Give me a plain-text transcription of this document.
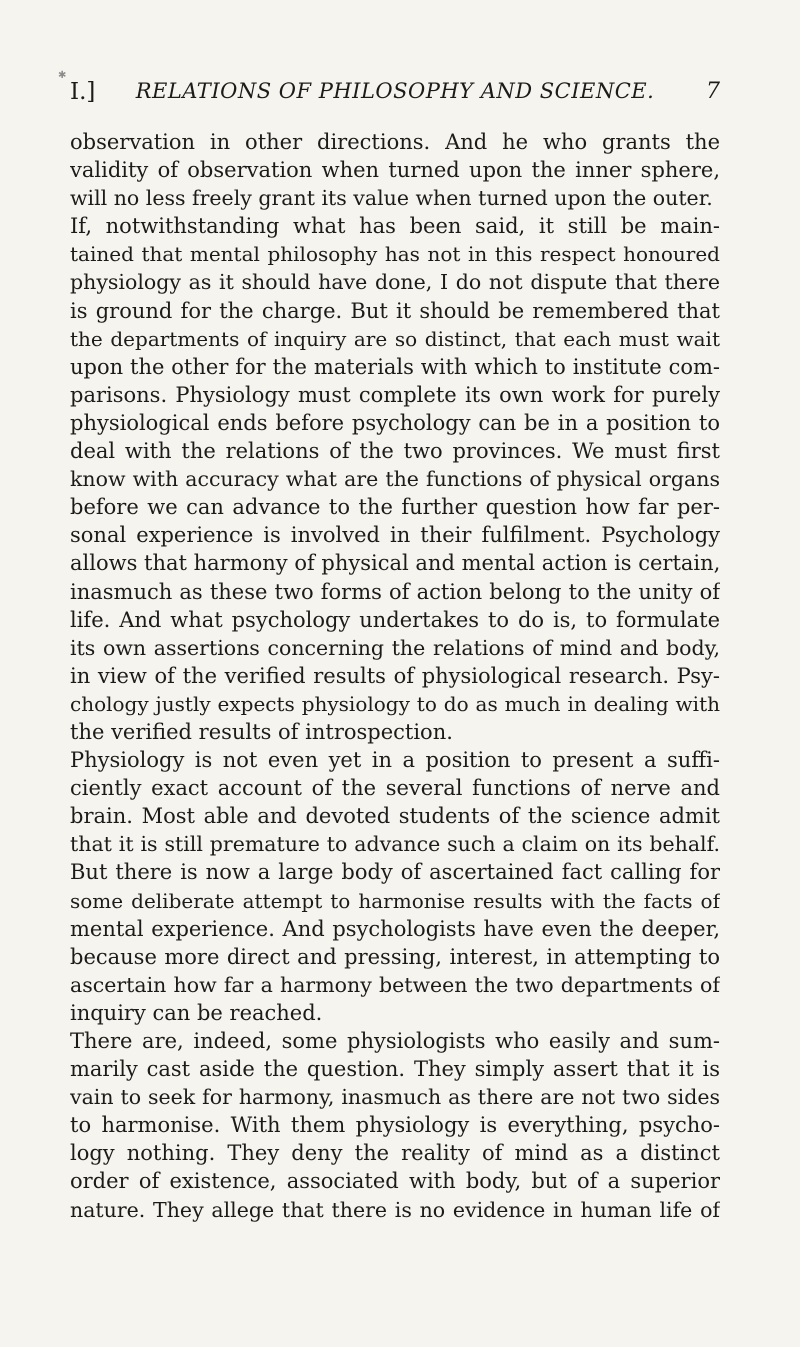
✱
I.]	RELATIONS OF PHILOSOPHY AND SCIENCE.	7
observation in other directions. And he who grants the
validity of observation when turned upon the inner sphere,
will no less freely grant its value when turned upon the outer.
If, notwithstanding what has been said, it still be main-
tained that mental philosophy has not in this respect honoured
physiology as it should have done, I do not dispute that there
is ground for the charge. But it should be remembered that
the departments of inquiry are so distinct, that each must wait
upon the other for the materials with which to institute com-
parisons. Physiology must complete its own work for purely
physiological ends before psychology can be in a position to
deal with the relations of the two provinces. We must first
know with accuracy what are the functions of physical organs
before we can advance to the further question how far per-
sonal experience is involved in their fulfilment. Psychology
allows that harmony of physical and mental action is certain,
inasmuch as these two forms of action belong to the unity of
life. And what psychology undertakes to do is, to formulate
its own assertions concerning the relations of mind and body,
in view of the verified results of physiological research. Psy-
chology justly expects physiology to do as much in dealing with
the verified results of introspection.
Physiology is not even yet in a position to present a suffi-
ciently exact account of the several functions of nerve and
brain. Most able and devoted students of the science admit
that it is still premature to advance such a claim on its behalf.
But there is now a large body of ascertained fact calling for
some deliberate attempt to harmonise results with the facts of
mental experience. And psychologists have even the deeper,
because more direct and pressing, interest, in attempting to
ascertain how far a harmony between the two departments of
inquiry can be reached.
There are, indeed, some physiologists who easily and sum-
marily cast aside the question. They simply assert that it is
vain to seek for harmony, inasmuch as there are not two sides
to harmonise. With them physiology is everything, psycho-
logy nothing. They deny the reality of mind as a distinct
order of existence, associated with body, but of a superior
nature. They allege that there is no evidence in human life of
